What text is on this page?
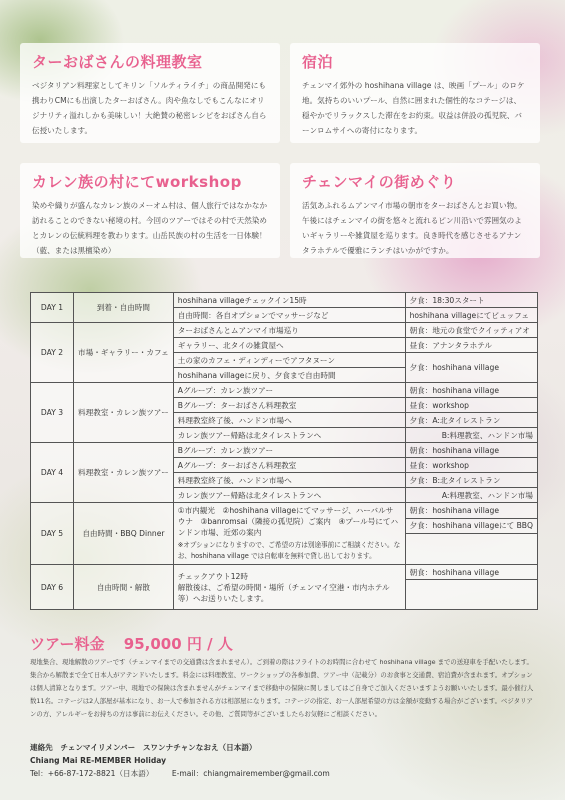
ターおばさんの料理教室

ベジタリアン料理家としてキリン「ソルティライチ」の商品開発にも携わりCMにも出演したターおばさん。肉や魚なしでもこんなにオリジナリティ溢れしかも美味しい！大絶賛の秘密レシピをおばさん自ら伝授いたします。

宿泊

チェンマイ郊外の hoshihana village は、映画「プール」のロケ地。気持ちのいいプール、自然に囲まれた個性的なコテージは、穏やかでリラックスした滞在をお約束。収益は併設の孤児院、バーンロムサイへの寄付になります。

カレン族の村にてworkshop

染めや織りが盛んなカレン族のメーオム村は、個人旅行ではなかなか訪れることのできない秘境の村。今回のツアーではその村で天然染めとカレンの伝統料理を教わります。山岳民族の村の生活を一日体験！（藍、または黒檀染め）

チェンマイの街めぐり

活気あふれるムアンマイ市場の朝市をターおばさんとお買い物。午後にはチェンマイの街を悠々と流れるピン川沿いで雰囲気のよいギャラリーや雑貨屋を巡ります。良き時代を感じさせるアナンタラホテルで優雅にランチはいかがですか。

DAY 1	到着・自由時間	hoshihana villageチェックイン15時	夕食：18:30スタート
		自由時間：各自オプションでマッサージなど	hoshihana villageにてビュッフェ
DAY 2	市場・ギャラリー・カフェ	ターおばさんとムアンマイ市場巡り	朝食：地元の食堂でクイッティアオ
		ギャラリー、北タイの雑貨屋へ	昼食：アナンタラホテル
		土の家のカフェ・ディンディーでアフタヌーン	夕食：hoshihana village
		hoshihana villageに戻り、夕食まで自由時間	
DAY 3	料理教室・カレン族ツアー	Aグループ：カレン族ツアー	朝食：hoshihana village
		Bグループ：ターおばさん料理教室	昼食：workshop
		料理教室終了後、ハンドン市場へ	夕食：A:北タイレストラン
		カレン族ツアー帰路は北タイレストランへ	B:料理教室、ハンドン市場
DAY 4	料理教室・カレン族ツアー	Bグループ：カレン族ツアー	朝食：hoshihana village
		Aグループ：ターおばさん料理教室	昼食：workshop
		料理教室終了後、ハンドン市場へ	夕食：B:北タイレストラン
		カレン族ツアー帰路は北タイレストランへ	A:料理教室、ハンドン市場
DAY 5	自由時間・BBQ Dinner	①市内観光　②hoshihana villageにてマッサージ、ハーバルサウナ　③banromsai（隣接の孤児院）ご案内　④プール号にてハンドン市場、近郊の案内
※オプションになりますので、ご希望の方は別途事前にご相談ください。なお、hoshihana village では自転車を無料で貸し出しております。	朝食：hoshihana village
			夕食：hoshihana villageにて BBQ

DAY 6	自由時間・解散	チェックアウト12時
解散後は、ご希望の時間・場所（チェンマイ空港・市内ホテル等）へお送りいたします。	朝食：hoshihana village

ツアー料金 95,000 円 / 人

現地集合、現地解散のツアーです（チェンマイまでの交通費は含まれません）。ご到着の際はフライトのお時間に合わせて hoshihana village までの送迎車を手配いたします。集合から解散まで全て日本人がアテンドいたします。料金には料理教室、ワークショップの各参加費、ツアー中（記載分）のお食事と交通費、宿泊費が含まれます。オプションは個人清算となります。ツアー中、現地での保険は含まれませんがチェンマイまで移動中の保険に関しましてはご自身でご加入くださいますようお願いいたします。最小催行人数11名。コテージは2人部屋が基本になり、お一人で参加される方は相部屋になります。コテージの指定、お一人部屋希望の方は金額が変動する場合がございます。ベジタリアンの方、アレルギーをお持ちの方は事前にお伝えください。その他、ご質問等がございましたらお気軽にご相談ください。

連絡先　チェンマイリメンバー　スワンナチャンなおえ（日本語）
Chiang Mai RE-MEMBER Holiday
Tel：+66-87-172-8821（日本語） E-mail：chiangmairemember@gmail.com
